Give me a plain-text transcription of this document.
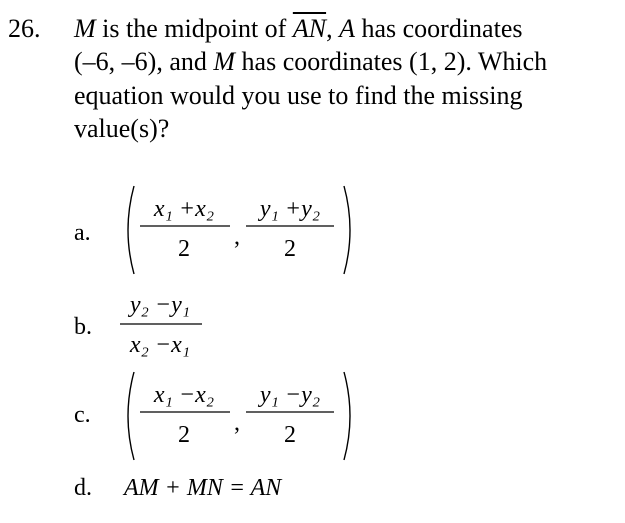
26. M is the midpoint of $\overline{AN}$, A has coordinates
(–6, –6), and M has coordinates (1, 2). Which
equation would you use to find the missing
value(s)?
a.
x₁ +x₂
2 ,
y₁ +y₂
2
b.
y₂ −y₁
x₂ −x₁
c.
x₁ −x₂
2 ,
y₁ −y₂
2
d. AM + MN = AN
